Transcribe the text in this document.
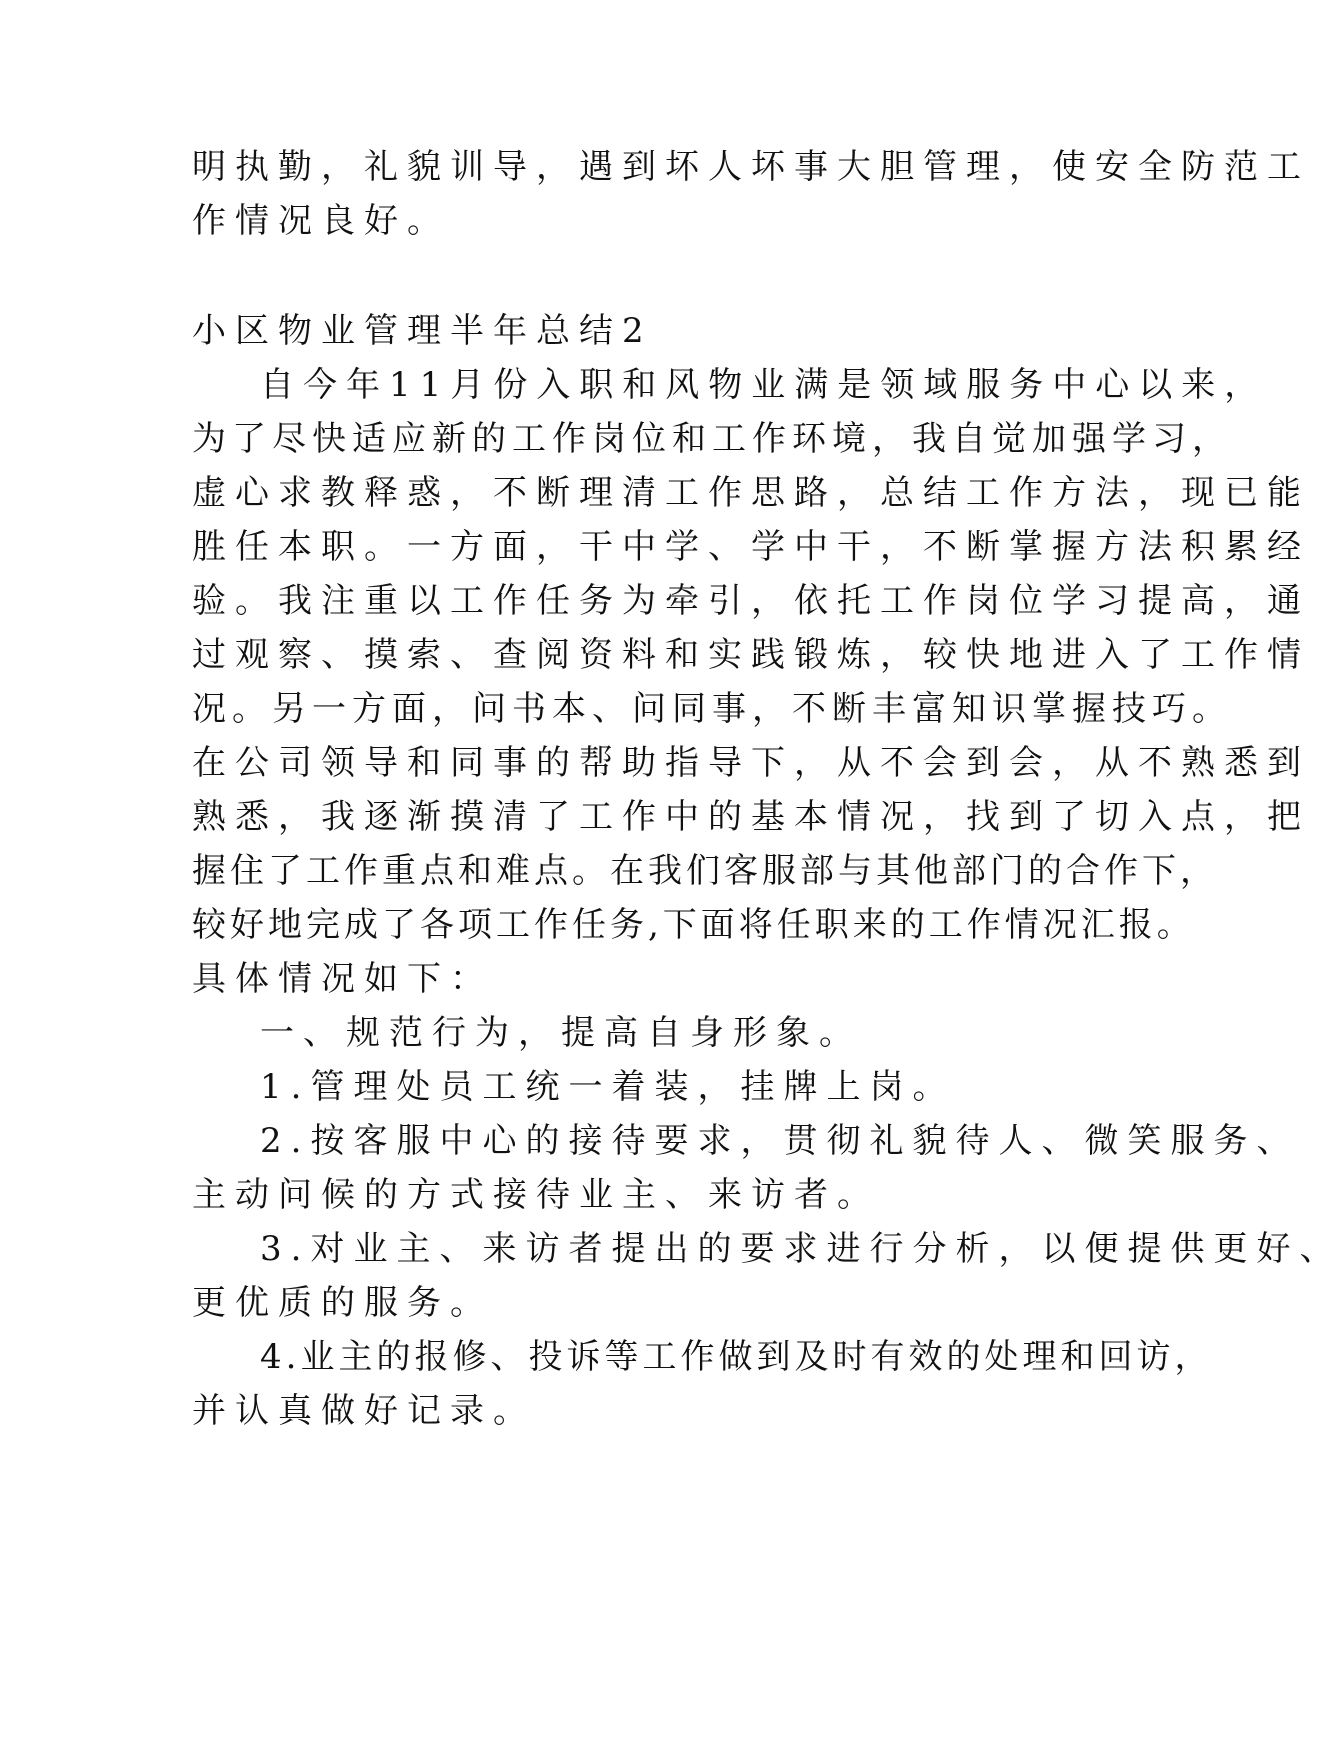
明执勤，礼貌训导，遇到坏人坏事大胆管理，使安全防范工
作情况良好。
小区物业管理半年总结2
自今年11月份入职和风物业满是领域服务中心以来，
为了尽快适应新的工作岗位和工作环境，我自觉加强学习，
虚心求教释惑，不断理清工作思路，总结工作方法，现已能
胜任本职。一方面，干中学、学中干，不断掌握方法积累经
验。我注重以工作任务为牵引，依托工作岗位学习提高，通
过观察、摸索、查阅资料和实践锻炼，较快地进入了工作情
况。另一方面，问书本、问同事，不断丰富知识掌握技巧。
在公司领导和同事的帮助指导下，从不会到会，从不熟悉到
熟悉，我逐渐摸清了工作中的基本情况，找到了切入点，把
握住了工作重点和难点。在我们客服部与其他部门的合作下，
较好地完成了各项工作任务,下面将任职来的工作情况汇报。
具体情况如下：
一、规范行为，提高自身形象。
1.管理处员工统一着装，挂牌上岗。
2.按客服中心的接待要求，贯彻礼貌待人、微笑服务、
主动问候的方式接待业主、来访者。
3.对业主、来访者提出的要求进行分析，以便提供更好、
更优质的服务。
4.业主的报修、投诉等工作做到及时有效的处理和回访，
并认真做好记录。
